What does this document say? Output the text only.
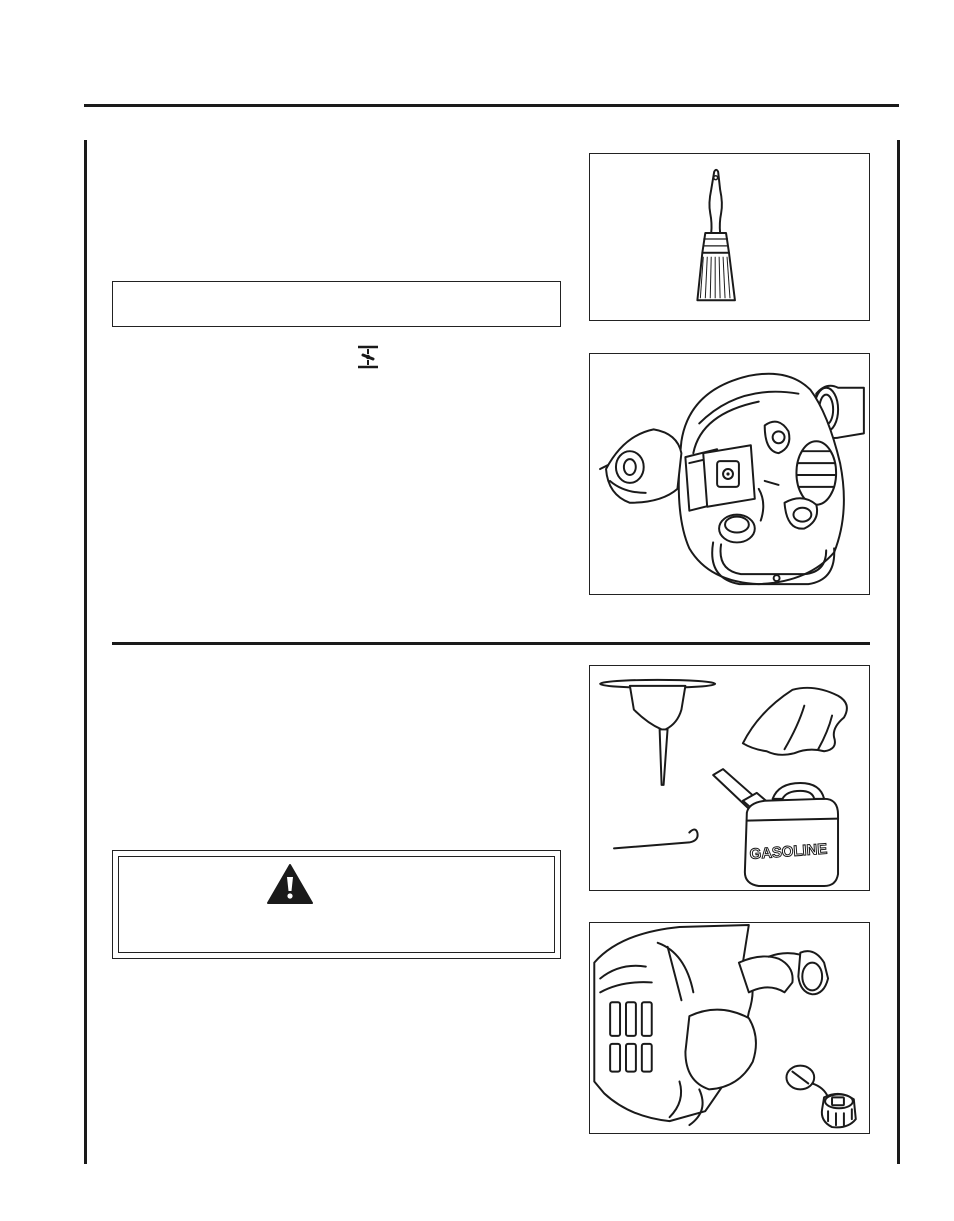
GASOLINE
